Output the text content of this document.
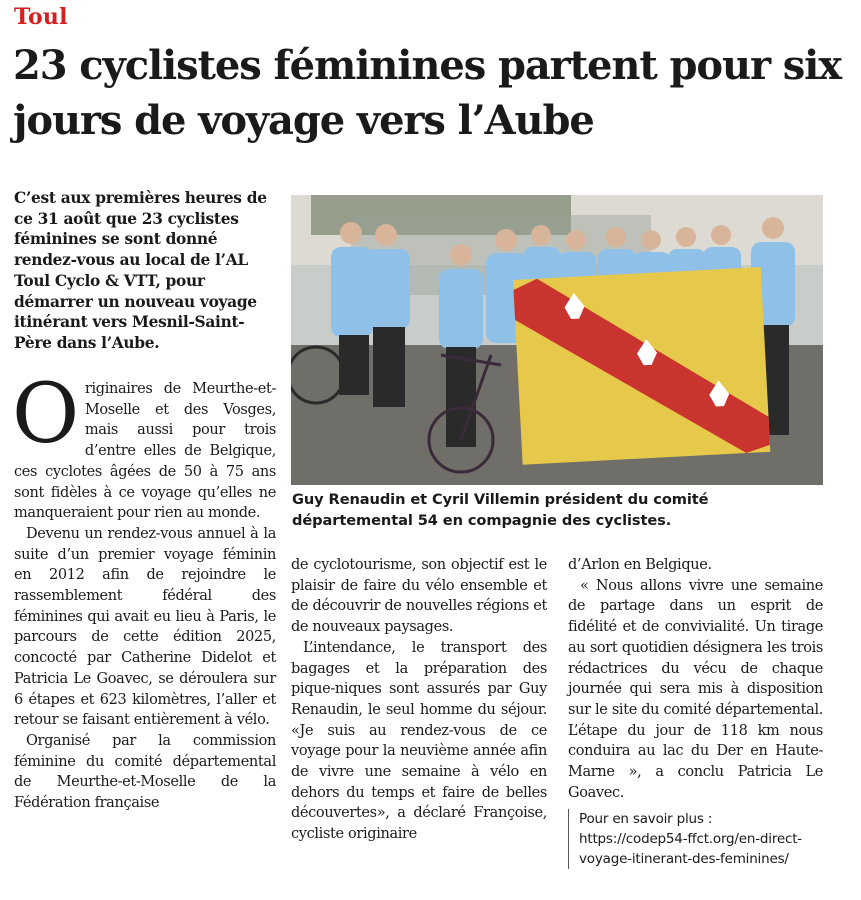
Toul
23 cyclistes féminines partent pour six jours de voyage vers l’Aube

C’est aux premières heures de ce 31 août que 23 cyclistes féminines se sont donné rendez-vous au local de l’AL Toul Cyclo & VTT, pour démarrer un nouveau voyage itinérant vers Mesnil-Saint-Père dans l’Aube.

Guy Renaudin et Cyril Villemin président du comité départemental 54 en compagnie des cyclistes.

Originaires de Meurthe-et-Moselle et des Vosges, mais aussi pour trois d’entre elles de Belgique, ces cyclotes âgées de 50 à 75 ans sont fidèles à ce voyage qu’elles ne manqueraient pour rien au monde.

Devenu un rendez-vous annuel à la suite d’un premier voyage féminin en 2012 afin de rejoindre le rassemblement fédéral des féminines qui avait eu lieu à Paris, le parcours de cette édition 2025, concocté par Catherine Didelot et Patricia Le Goavec, se déroulera sur 6 étapes et 623 kilomètres, l’aller et retour se faisant entièrement à vélo.

Organisé par la commission féminine du comité départemental de Meurthe-et-Moselle de la Fédération française

de cyclotourisme, son objectif est le plaisir de faire du vélo ensemble et de découvrir de nouvelles régions et de nouveaux paysages.

L’intendance, le transport des bagages et la préparation des pique-niques sont assurés par Guy Renaudin, le seul homme du séjour. «Je suis au rendez-vous de ce voyage pour la neuvième année afin de vivre une semaine à vélo en dehors du temps et faire de belles découvertes», a déclaré Françoise, cycliste originaire

d’Arlon en Belgique.

« Nous allons vivre une semaine de partage dans un esprit de fidélité et de convivialité. Un tirage au sort quotidien désignera les trois rédactrices du vécu de chaque journée qui sera mis à disposition sur le site du comité départemental. L’étape du jour de 118 km nous conduira au lac du Der en Haute-Marne », a conclu Patricia Le Goavec.

Pour en savoir plus : https://codep54-ffct.org/en-direct-voyage-itinerant-des-feminines/
